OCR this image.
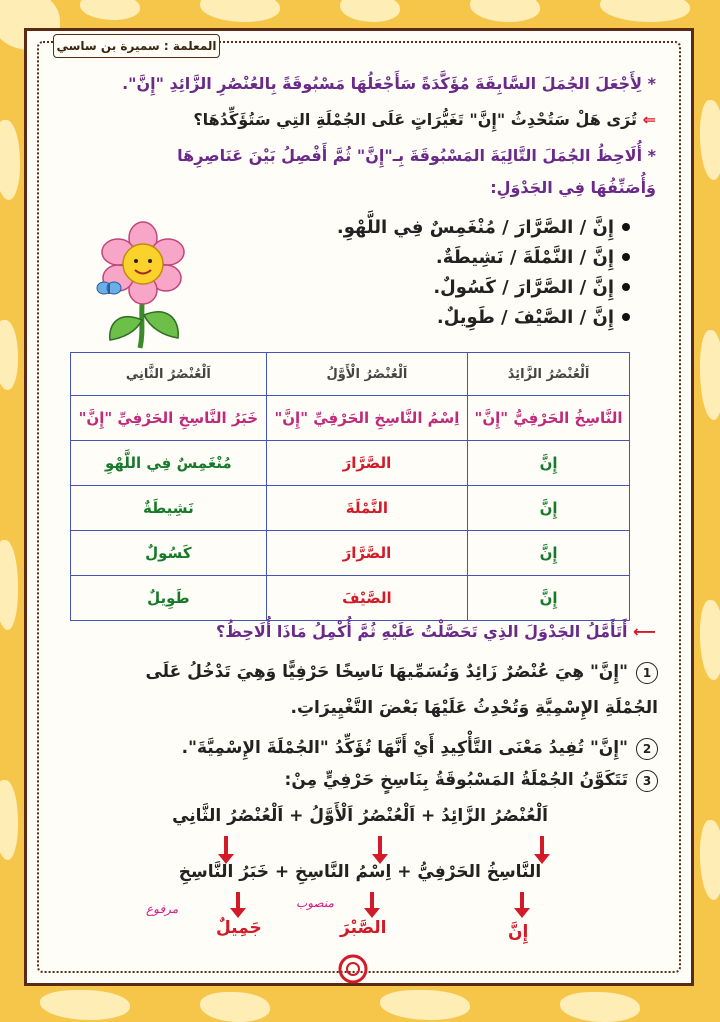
المعلمة : سميرة بن ساسي
* لِأَجْعَلَ الجُمَلَ السَّابِقَةَ مُؤَكَّدَةً سَأَجْعَلُهَا مَسْبُوقَةً بِالعُنْصُرِ الزَّائِدِ "إِنَّ".
⇐ تُرَى هَلْ سَتُحْدِثُ "إِنَّ" تَغَيُّرَاتٍ عَلَى الجُمْلَةِ التِي سَتُؤَكِّدُهَا؟
* أُلَاحِظُ الجُمَلَ التَّالِيَةَ المَسْبُوقَةَ بِـ"إِنَّ" ثُمَّ أَفْصِلُ بَيْنَ عَنَاصِرِهَا
وَأُصَنِّفُهَا فِي الجَدْوَلِ:
إِنَّ / الصَّرَّارَ / مُنْغَمِسٌ فِي اللَّهْوِ.
إِنَّ / النَّمْلَةَ / نَشِيطَةٌ.
إِنَّ / الصَّرَّارَ / كَسُولٌ.
إِنَّ / الصَّيْفَ / طَوِيلٌ.
اَلْعُنْصُرُ الزَّائِدُ	اَلْعُنْصُرُ الْأَوَّلُ	اَلْعُنْصُرُ الثَّانِي
النَّاسِخُ الحَرْفِيُّ "إِنَّ"	اِسْمُ النَّاسِخِ الحَرْفِيِّ "إِنَّ"	خَبَرُ النَّاسِخِ الحَرْفِيِّ "إِنَّ"
إِنَّ	الصَّرَّارَ	مُنْغَمِسٌ فِي اللَّهْوِ
إِنَّ	النَّمْلَةَ	نَشِيطَةٌ
إِنَّ	الصَّرَّارَ	كَسُولٌ
إِنَّ	الصَّيْفَ	طَوِيلٌ
⟵ أَتَأَمَّلُ الجَدْوَلَ الذِي تَحَصَّلْتُ عَلَيْهِ ثُمَّ أُكْمِلُ مَاذَا أُلَاحِظُ؟
1"إِنَّ" هِيَ عُنْصُرٌ زَائِدٌ وَنُسَمِّيهَا نَاسِخًا حَرْفِيًّا وَهِيَ تَدْخُلُ عَلَى
الجُمْلَةِ الإِسْمِيَّةِ وَتُحْدِثُ عَلَيْهَا بَعْضَ التَّغْيِيرَاتِ.
2"إِنَّ" تُفِيدُ مَعْنَى التَّأْكِيدِ أَيْ أَنَّهَا تُؤَكِّدُ "الجُمْلَةَ الإِسْمِيَّةَ".
3تَتَكَوَّنُ الجُمْلَةُ المَسْبُوقَةُ بِنَاسِخٍ حَرْفِيٍّ مِنْ:
اَلْعُنْصُرُ الزَّائِدُ + اَلْعُنْصُرُ اَلْأَوَّلُ + اَلْعُنْصُرُ الثَّانِي
النَّاسِخُ الحَرْفِيُّ + اِسْمُ النَّاسِخِ + خَبَرُ النَّاسِخِ
إِنَّ
الصَّبْرَ
جَمِيلٌ
منصوب
مرفوع
